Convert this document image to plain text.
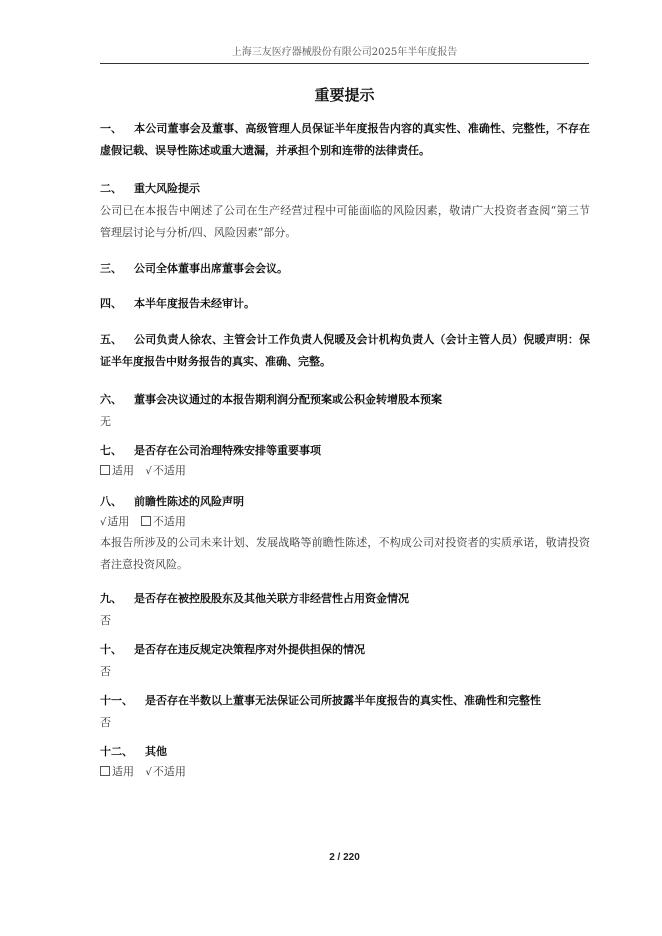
上海三友医疗器械股份有限公司2025年半年度报告
重要提示
一、 本公司董事会及董事、高级管理人员保证半年度报告内容的真实性、准确性、完整性，不存在虚假记载、误导性陈述或重大遗漏，并承担个别和连带的法律责任。
二、 重大风险提示
公司已在本报告中阐述了公司在生产经营过程中可能面临的风险因素，敬请广大投资者查阅“第三节 管理层讨论与分析/四、风险因素”部分。
三、 公司全体董事出席董事会会议。
四、 本半年度报告未经审计。
五、 公司负责人徐农、主管会计工作负责人倪暖及会计机构负责人（会计主管人员）倪暖声明：保证半年度报告中财务报告的真实、准确、完整。
六、 董事会决议通过的本报告期利润分配预案或公积金转增股本预案
无
七、 是否存在公司治理特殊安排等重要事项
适用 √不适用
八、 前瞻性陈述的风险声明
√适用 不适用
本报告所涉及的公司未来计划、发展战略等前瞻性陈述，不构成公司对投资者的实质承诺，敬请投资者注意投资风险。
九、 是否存在被控股股东及其他关联方非经营性占用资金情况
否
十、 是否存在违反规定决策程序对外提供担保的情况
否
十一、 是否存在半数以上董事无法保证公司所披露半年度报告的真实性、准确性和完整性
否
十二、 其他
适用 √不适用
2 / 220
